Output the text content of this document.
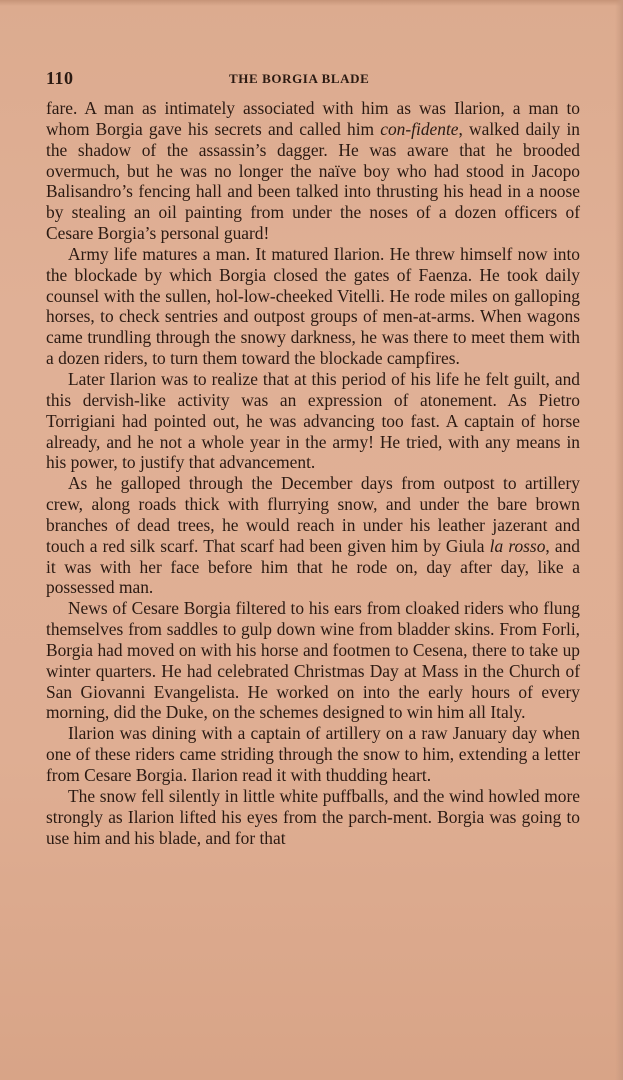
110	THE BORGIA BLADE

fare. A man as intimately associated with him as was Ilarion, a man to whom Borgia gave his secrets and called him con-fidente, walked daily in the shadow of the assassin’s dagger. He was aware that he brooded overmuch, but he was no longer the naïve boy who had stood in Jacopo Balisandro’s fencing hall and been talked into thrusting his head in a noose by stealing an oil painting from under the noses of a dozen officers of Cesare Borgia’s personal guard!

Army life matures a man. It matured Ilarion. He threw himself now into the blockade by which Borgia closed the gates of Faenza. He took daily counsel with the sullen, hol-low-cheeked Vitelli. He rode miles on galloping horses, to check sentries and outpost groups of men-at-arms. When wagons came trundling through the snowy darkness, he was there to meet them with a dozen riders, to turn them toward the blockade campfires.

Later Ilarion was to realize that at this period of his life he felt guilt, and this dervish-like activity was an expression of atonement. As Pietro Torrigiani had pointed out, he was advancing too fast. A captain of horse already, and he not a whole year in the army! He tried, with any means in his power, to justify that advancement.

As he galloped through the December days from outpost to artillery crew, along roads thick with flurrying snow, and under the bare brown branches of dead trees, he would reach in under his leather jazerant and touch a red silk scarf. That scarf had been given him by Giula la rosso, and it was with her face before him that he rode on, day after day, like a possessed man.

News of Cesare Borgia filtered to his ears from cloaked riders who flung themselves from saddles to gulp down wine from bladder skins. From Forli, Borgia had moved on with his horse and footmen to Cesena, there to take up winter quarters. He had celebrated Christmas Day at Mass in the Church of San Giovanni Evangelista. He worked on into the early hours of every morning, did the Duke, on the schemes designed to win him all Italy.

Ilarion was dining with a captain of artillery on a raw January day when one of these riders came striding through the snow to him, extending a letter from Cesare Borgia. Ilarion read it with thudding heart.

The snow fell silently in little white puffballs, and the wind howled more strongly as Ilarion lifted his eyes from the parch-ment. Borgia was going to use him and his blade, and for that
